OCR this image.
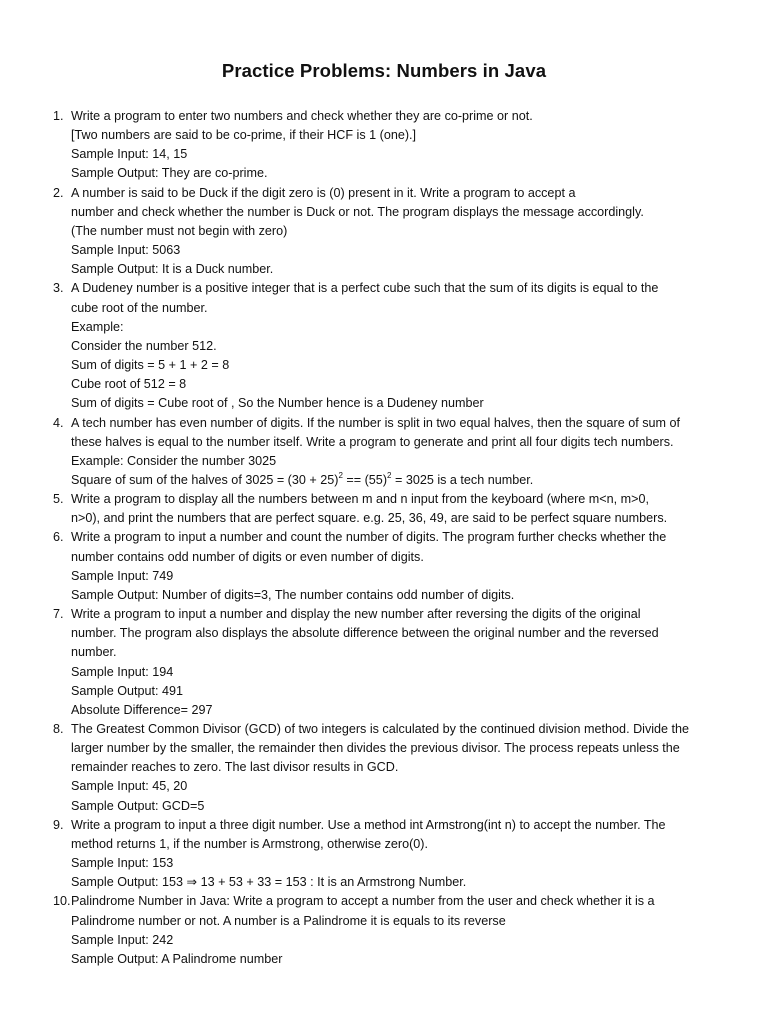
Practice Problems: Numbers in Java
1. Write a program to enter two numbers and check whether they are co-prime or not.
[Two numbers are said to be co-prime, if their HCF is 1 (one).]
Sample Input: 14, 15
Sample Output: They are co-prime.
2. A number is said to be Duck if the digit zero is (0) present in it. Write a program to accept a
number and check whether the number is Duck or not. The program displays the message accordingly.
(The number must not begin with zero)
Sample Input: 5063
Sample Output: It is a Duck number.
3. A Dudeney number is a positive integer that is a perfect cube such that the sum of its digits is equal to the
cube root of the number.
Example:
Consider the number 512.
Sum of digits = 5 + 1 + 2 = 8
Cube root of 512 = 8
Sum of digits = Cube root of , So the Number hence is a Dudeney number
4. A tech number has even number of digits. If the number is split in two equal halves, then the square of sum of
these halves is equal to the number itself. Write a program to generate and print all four digits tech numbers.
Example: Consider the number 3025
Square of sum of the halves of $3025 = (30 + 25)^2 == (55)^2 = 3025$ is a tech number.
5. Write a program to display all the numbers between m and n input from the keyboard (where m<n, m>0,
n>0), and print the numbers that are perfect square. e.g. 25, 36, 49, are said to be perfect square numbers.
6. Write a program to input a number and count the number of digits. The program further checks whether the
number contains odd number of digits or even number of digits.
Sample Input: 749
Sample Output: Number of digits=3, The number contains odd number of digits.
7. Write a program to input a number and display the new number after reversing the digits of the original
number. The program also displays the absolute difference between the original number and the reversed
number.
Sample Input: 194
Sample Output: 491
Absolute Difference= 297
8. The Greatest Common Divisor (GCD) of two integers is calculated by the continued division method. Divide the
larger number by the smaller, the remainder then divides the previous divisor. The process repeats unless the
remainder reaches to zero. The last divisor results in GCD.
Sample Input: 45, 20
Sample Output: GCD=5
9. Write a program to input a three digit number. Use a method int Armstrong(int n) to accept the number. The
method returns 1, if the number is Armstrong, otherwise zero(0).
Sample Input: 153
Sample Output: 153 ⇒ 13 + 53 + 33 = 153 : It is an Armstrong Number.
10. Palindrome Number in Java: Write a program to accept a number from the user and check whether it is a
Palindrome number or not. A number is a Palindrome it is equals to its reverse
Sample Input: 242
Sample Output: A Palindrome number
